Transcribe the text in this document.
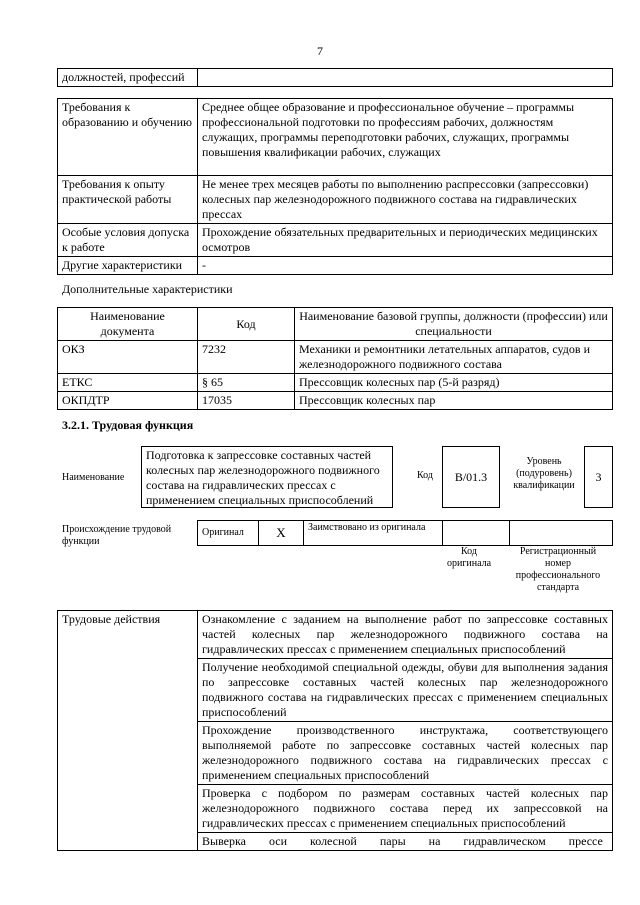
7
должностей, профессий	
Требования к образованию и обучению	Среднее общее образование и профессиональное обучение – программы профессиональной подготовки по профессиям рабочих, должностям служащих, программы переподготовки рабочих, служащих, программы повышения квалификации рабочих, служащих
Требования к опыту практической работы	Не менее трех месяцев работы по выполнению распрессовки (запрессовки) колесных пар железнодорожного подвижного состава на гидравлических прессах
Особые условия допуска к работе	Прохождение обязательных предварительных и периодических медицинских осмотров
Другие характеристики	-
Дополнительные характеристики
Наименование документа	Код	Наименование базовой группы, должности (профессии) или специальности
ОКЗ	7232	Механики и ремонтники летательных аппаратов, судов и железнодорожного подвижного состава
ЕТКС	§ 65	Прессовщик колесных пар (5-й разряд)
ОКПДТР	17035	Прессовщик колесных пар
3.2.1. Трудовая функция
Наименование
Подготовка к запрессовке составных частей колесных пар железнодорожного подвижного состава на гидравлических прессах с применением специальных приспособлений
Код В/01.3
Уровень (подуровень) квалификации
3
Происхождение трудовой функции
Оригинал	X	Заимствовано из оригинала		
Код оригинала
Регистрационный номер профессионального стандарта
Трудовые действия	Ознакомление с заданием на выполнение работ по запрессовке составных частей колесных пар железнодорожного подвижного состава на гидравлических прессах с применением специальных приспособлений
Получение необходимой специальной одежды, обуви для выполнения задания по запрессовке составных частей колесных пар железнодорожного подвижного состава на гидравлических прессах с применением специальных приспособлений
Прохождение производственного инструктажа, соответствующего выполняемой работе по запрессовке составных частей колесных пар железнодорожного подвижного состава на гидравлических прессах с применением специальных приспособлений
Проверка с подбором по размерам составных частей колесных пар железнодорожного подвижного состава перед их запрессовкой на гидравлических прессах с применением специальных приспособлений
Выверка оси колесной пары на гидравлическом прессе
